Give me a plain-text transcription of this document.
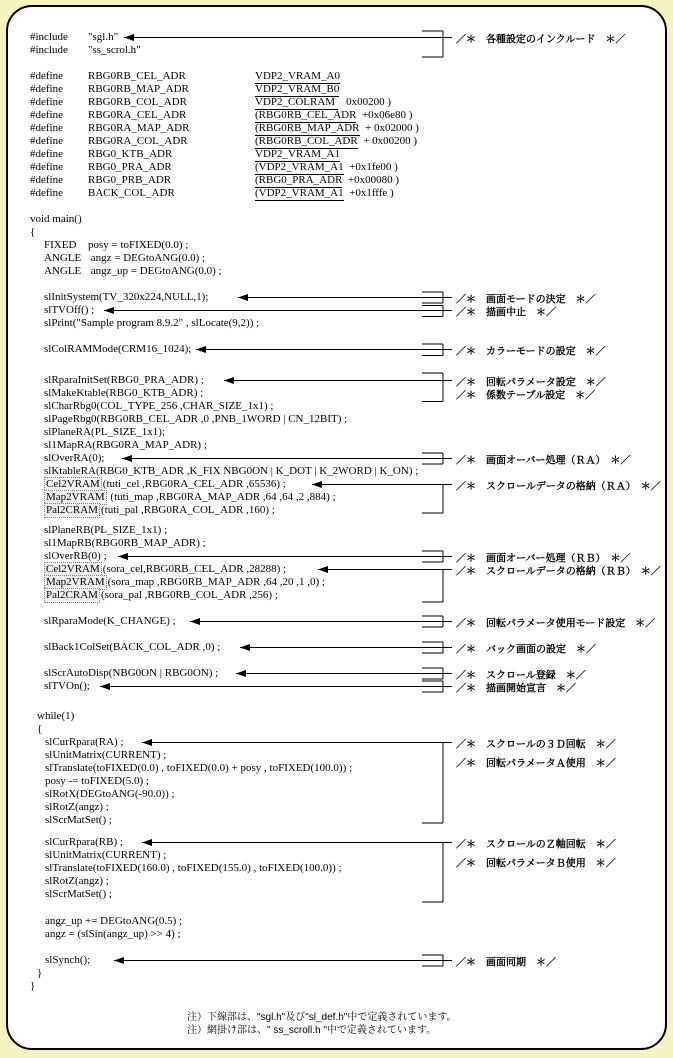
#include "sgl.h"
#include "ss_scrol.h"
#define RBG0RB_CEL_ADR	VDP2_VRAM_A0
#define RBG0RB_MAP_ADR	VDP2_VRAM_B0
#define RBG0RB_COL_ADR	VDP2_COLRAM    0x00200 )
#define RBG0RA_CEL_ADR	(RBG0RB_CEL_ADR  +0x06e80 )
#define RBG0RA_MAP_ADR	(RBG0RB_MAP_ADR  + 0x02000 )
#define RBG0RA_COL_ADR	(RBG0RB_COL_ADR  + 0x00200 )
#define RBG0_KTB_ADR	VDP2_VRAM_A1
#define RBG0_PRA_ADR	(VDP2_VRAM_A1  +0x1fe00 )
#define RBG0_PRB_ADR	(RBG0_PRA_ADR  +0x00080 )
#define BACK_COL_ADR	(VDP2_VRAM_A1  +0x1fffe )
void main()
{
FIXED posy = toFIXED(0.0) ;
ANGLE angz = DEGtoANG(0.0) ;
ANGLE angz_up = DEGtoANG(0.0) ;
slInitSystem(TV_320x224,NULL,1);
slTVOff() ;
slPrint("Sample program 8.9.2" , slLocate(9,2)) ;
slColRAMMode(CRM16_1024);
slRparaInitSet(RBG0_PRA_ADR) ;
slMakeKtable(RBG0_KTB_ADR) ;
slCharRbg0(COL_TYPE_256 ,CHAR_SIZE_1x1) ;
slPageRbg0(RBG0RB_CEL_ADR ,0 ,PNB_1WORD | CN_12BIT) ;
slPlaneRA(PL_SIZE_1x1);
sl1MapRA(RBG0RA_MAP_ADR) ;
slOverRA(0);
slKtableRA(RBG0_KTB_ADR ,K_FIX NBG0ON | K_DOT | K_2WORD | K_ON) ;
Cel2VRAM (tuti_cel ,RBG0RA_CEL_ADR ,65536) ;
Map2VRAM (tuti_map ,RBG0RA_MAP_ADR ,64 ,64 ,2 ,884) ;
Pal2CRAM (tuti_pal ,RBG0RA_COL_ADR ,160) ;
slPlaneRB(PL_SIZE_1x1) ;
sl1MapRB(RBG0RB_MAP_ADR) ;
slOverRB(0) ;
Cel2VRAM (sora_cel,RBG0RB_CEL_ADR ,28288) ;
Map2VRAM (sora_map ,RBG0RB_MAP_ADR ,64 ,20 ,1 ,0) ;
Pal2CRAM (sora_pal ,RBG0RB_COL_ADR ,256) ;
slRparaMode(K_CHANGE) ;
slBack1ColSet(BACK_COL_ADR ,0) ;
slScrAutoDisp(NBG0ON | RBG0ON) ;
slTVOn();
while(1)
{
slCurRpara(RA) ;
slUnitMatrix(CURRENT) ;
slTranslate(toFIXED(0.0) , toFIXED(0.0) + posy , toFIXED(100.0)) ;
posy -= toFIXED(5.0) ;
slRotX(DEGtoANG(-90.0)) ;
slRotZ(angz) ;
slScrMatSet() ;
slCurRpara(RB) ;
slUnitMatrix(CURRENT) ;
slTranslate(toFIXED(160.0) , toFIXED(155.0) , toFIXED(100.0)) ;
slRotZ(angz) ;
slScrMatSet() ;
angz_up += DEGtoANG(0.5) ;
angz = (slSin(angz_up) >> 4) ;
slSynch();
}
}
／＊　各種設定のインクルード　＊／
／＊　画面モードの決定　＊／
／＊　描画中止　＊／
／＊　カラーモードの設定　＊／
／＊　回転パラメータ設定　＊／
／＊　画面オーバー処理（ＲＡ）　＊／
／＊　スクロールデータの格納（ＲＡ）　＊／
／＊　画面オーバー処理（ＲＢ）　＊／
／＊　スクロールデータの格納（ＲＢ）　＊／
／＊　回転パラメータ使用モード設定　＊／
／＊　バック画面の設定　＊／
／＊　スクロール登録　＊／
／＊　描画開始宣言　＊／
／＊　スクロールの３Ｄ回転　＊／
／＊　スクロールのＺ軸回転　＊／
／＊　画面同期　＊／
／＊　係数テーブル設定　＊／
／＊　回転パラメータＡ使用　＊／
／＊　回転パラメータＢ使用　＊／
注）下線部は、"sgl.h"及び"sl_def.h"中で定義されています。
注）網掛け部は、" ss_scroll.h "中で定義されています。
